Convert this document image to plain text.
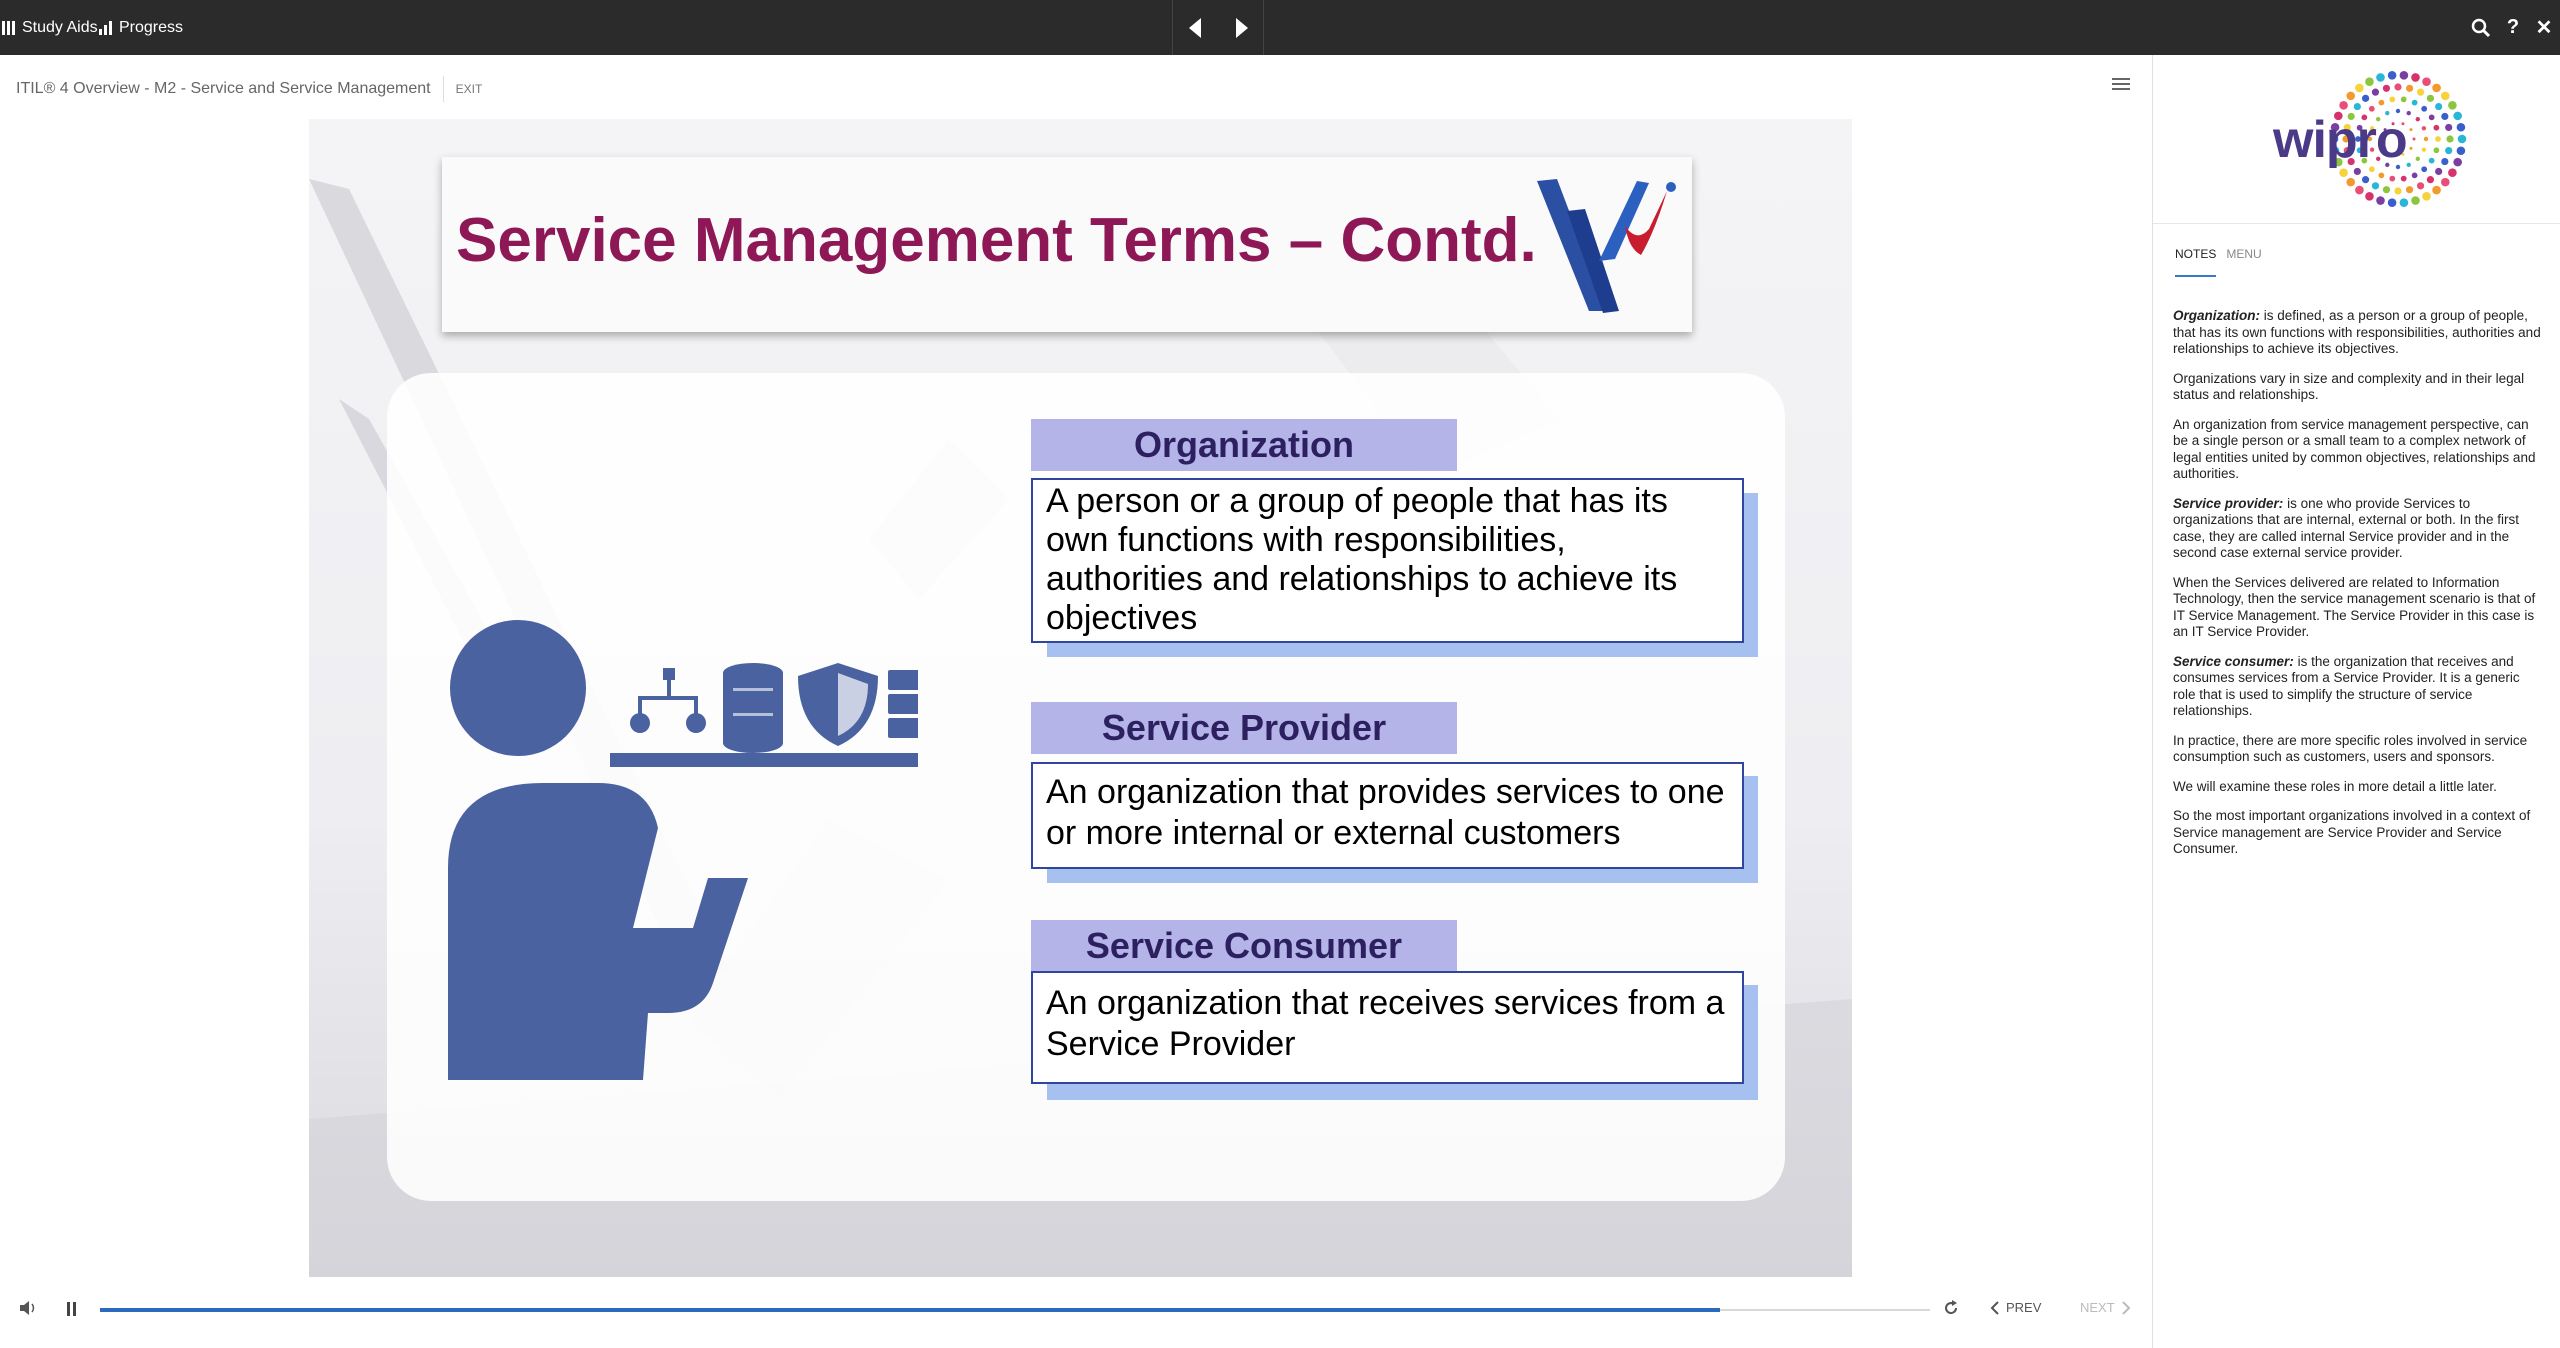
Study Aids Progress	? ✕
ITIL® 4 Overview - M2 - Service and Service Management EXIT
Service Management Terms – Contd.
Organization
A person or a group of people that has its own functions with responsibilities, authorities and relationships to achieve its objectives
Service Provider
An organization that provides services to one or more internal or external customers
Service Consumer
An organization that receives services from a Service Provider
PREV	NEXT
wipro
NOTES MENU

Organization: is defined, as a person or a group of people, that has its own functions with responsibilities, authorities and relationships to achieve its objectives.

Organizations vary in size and complexity and in their legal status and relationships.

An organization from service management perspective, can be a single person or a small team to a complex network of legal entities united by common objectives, relationships and authorities.

Service provider: is one who provide Services to organizations that are internal, external or both. In the first case, they are called internal Service provider and in the second case external service provider.

When the Services delivered are related to Information Technology, then the service management scenario is that of IT Service Management. The Service Provider in this case is an IT Service Provider.

Service consumer: is the organization that receives and consumes services from a Service Provider. It is a generic role that is used to simplify the structure of service relationships.

In practice, there are more specific roles involved in service consumption such as customers, users and sponsors.

We will examine these roles in more detail a little later.

So the most important organizations involved in a context of Service management are Service Provider and Service Consumer.
